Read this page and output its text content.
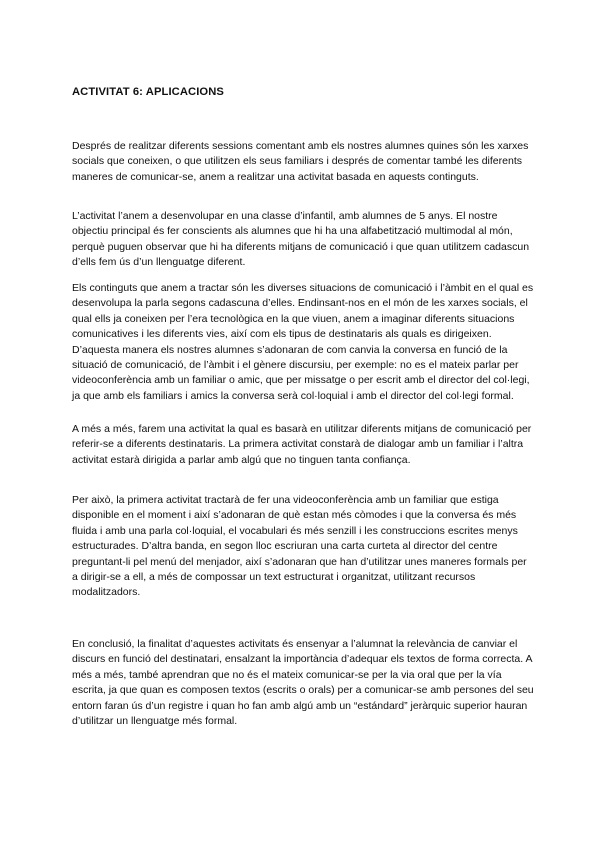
ACTIVITAT 6: APLICACIONS

Després de realitzar diferents sessions comentant amb els nostres alumnes quines són les xarxes socials que coneixen, o que utilitzen els seus familiars i després de comentar també les diferents maneres de comunicar-se, anem a realitzar una activitat basada en aquests continguts.

L’activitat l’anem a desenvolupar en una classe d’infantil, amb alumnes de 5 anys. El nostre objectiu principal és fer conscients als alumnes que hi ha una alfabetització multimodal al món, perquè puguen observar que hi ha diferents mitjans de comunicació i que quan utilitzem cadascun d’ells fem ús d’un llenguatge diferent.

Els continguts que anem a tractar són les diverses situacions de comunicació i l’àmbit en el qual es desenvolupa la parla segons cadascuna d’elles. Endinsant-nos en el món de les xarxes socials, el qual ells ja coneixen per l’era tecnològica en la que viuen, anem a imaginar diferents situacions comunicatives i les diferents vies, així com els tipus de destinataris als quals es dirigeixen. D’aquesta manera els nostres alumnes s’adonaran de com canvia la conversa en funció de la situació de comunicació, de l’àmbit i el gènere discursiu, per exemple: no es el mateix parlar per videoconferència amb un familiar o amic, que per missatge o per escrit amb el director del col·legi, ja que amb els familiars i amics la conversa serà col·loquial i amb el director del col·legi formal.

A més a més, farem una activitat la qual es basarà en utilitzar diferents mitjans de comunicació per referir-se a diferents destinataris. La primera activitat constarà de dialogar amb un familiar i l’altra activitat estarà dirigida a parlar amb algú que no tinguen tanta confiança.

Per això, la primera activitat tractarà de fer una videoconferència amb un familiar que estiga disponible en el moment i així s’adonaran de què estan més còmodes i que la conversa és més fluida i amb una parla col·loquial, el vocabulari és més senzill i les construccions escrites menys estructurades. D’altra banda, en segon lloc escriuran una carta curteta al director del centre preguntant-li pel menú del menjador, així s’adonaran que han d’utilitzar unes maneres formals per a dirigir-se a ell, a més de compossar un text estructurat i organitzat, utilitzant recursos modalitzadors.

En conclusió, la finalitat d’aquestes activitats és ensenyar a l’alumnat la relevància de canviar el discurs en funció del destinatari, ensalzant la importància d’adequar els textos de forma correcta. A més a més, també aprendran que no és el mateix comunicar-se per la via oral que per la vía escrita, ja que quan es composen textos (escrits o orals) per a comunicar-se amb persones del seu entorn faran ús d’un registre i quan ho fan amb algú amb un “estándard” jeràrquic superior hauran d’utilitzar un llenguatge més formal.
